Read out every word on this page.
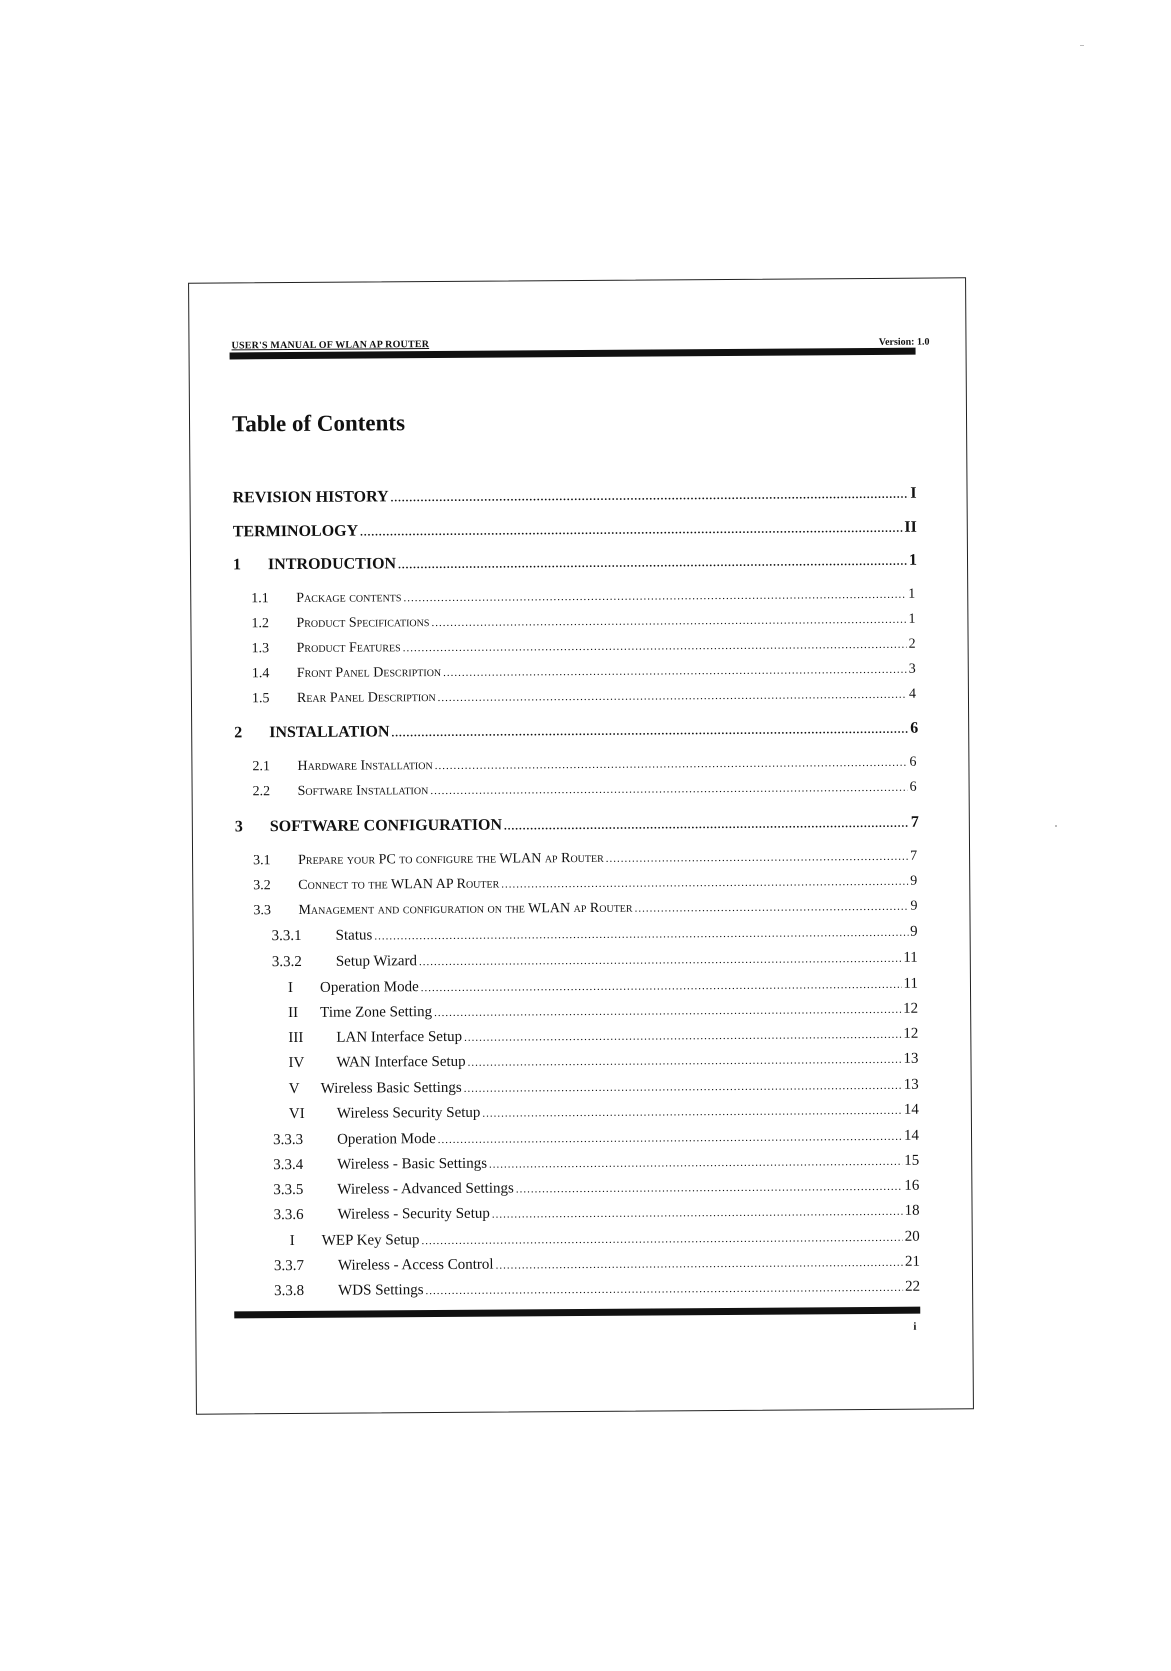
USER'S MANUAL OF WLAN AP ROUTER	Version: 1.0
Table of Contents
REVISION HISTORY .....	I
TERMINOLOGY .....	II
1	INTRODUCTION .....	1
1.1	Package contents .....	1
1.2	Product Specifications .....	1
1.3	Product Features .....	2
1.4	Front Panel Description .....	3
1.5	Rear Panel Description .....	4
2	INSTALLATION .....	6
2.1	Hardware Installation .....	6
2.2	Software Installation .....	6
3	SOFTWARE CONFIGURATION .....	7
3.1	Prepare your PC to configure the WLAN ap Router .....	7
3.2	Connect to the WLAN AP Router .....	9
3.3	Management and configuration on the WLAN ap Router .....	9
3.3.1	Status .....	9
3.3.2	Setup Wizard .....	11
I	Operation Mode .....	11
II	Time Zone Setting .....	12
III	LAN Interface Setup .....	12
IV	WAN Interface Setup .....	13
V	Wireless Basic Settings .....	13
VI	Wireless Security Setup .....	14
3.3.3	Operation Mode .....	14
3.3.4	Wireless - Basic Settings .....	15
3.3.5	Wireless - Advanced Settings .....	16
3.3.6	Wireless - Security Setup .....	18
I	WEP Key Setup .....	20
3.3.7	Wireless - Access Control .....	21
3.3.8	WDS Settings .....	22
i
